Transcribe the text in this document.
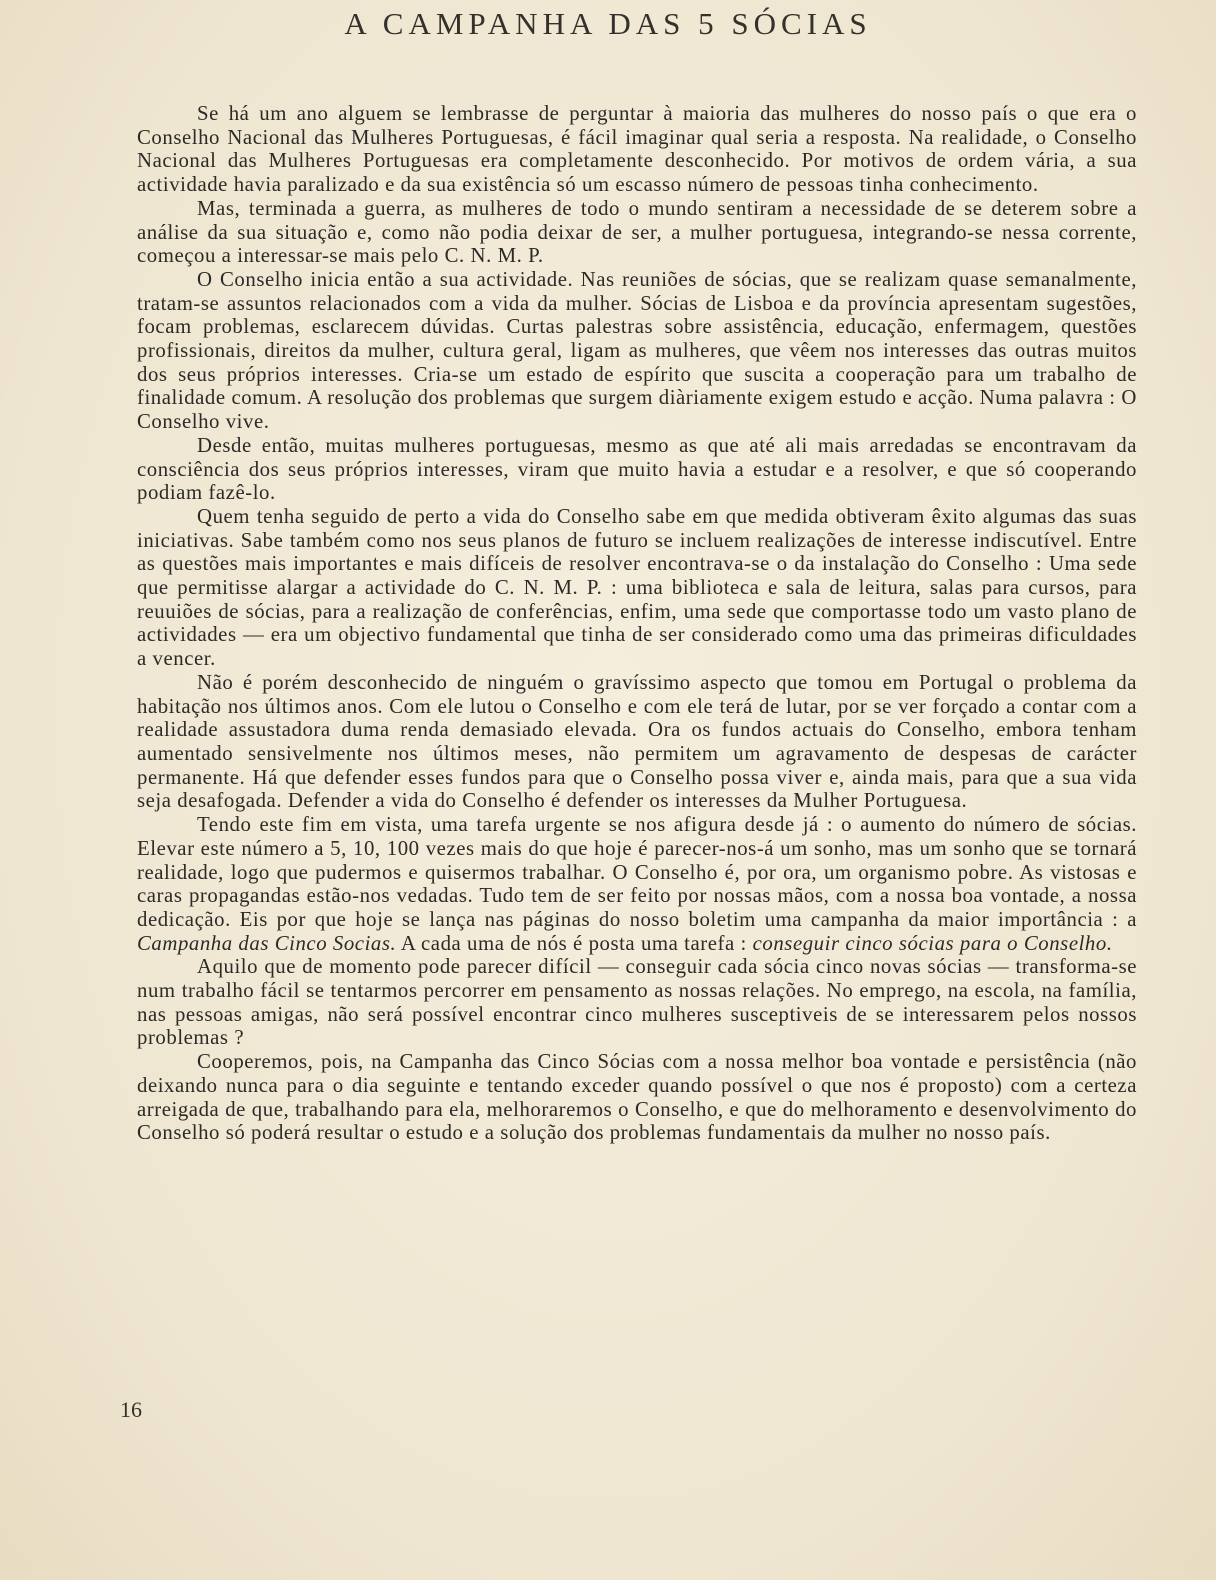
A CAMPANHA DAS 5 SÓCIAS

Se há um ano alguem se lembrasse de perguntar à maioria das mulheres do nosso país o que era o Conselho Nacional das Mulheres Portuguesas, é fácil imaginar qual seria a resposta. Na realidade, o Conselho Nacional das Mulheres Portuguesas era completamente desconhecido. Por motivos de ordem vária, a sua actividade havia paralizado e da sua existência só um escasso número de pessoas tinha conhecimento.

Mas, terminada a guerra, as mulheres de todo o mundo sentiram a necessidade de se deterem sobre a análise da sua situação e, como não podia deixar de ser, a mulher portuguesa, integrando-se nessa corrente, começou a interessar-se mais pelo C. N. M. P.

O Conselho inicia então a sua actividade. Nas reuniões de sócias, que se realizam quase semanalmente, tratam-se assuntos relacionados com a vida da mulher. Sócias de Lisboa e da província apresentam sugestões, focam problemas, esclarecem dúvidas. Curtas palestras sobre assistência, educação, enfermagem, questões profissionais, direitos da mulher, cultura geral, ligam as mulheres, que vêem nos interesses das outras muitos dos seus próprios interesses. Cria-se um estado de espírito que suscita a cooperação para um trabalho de finalidade comum. A resolução dos problemas que surgem diàriamente exigem estudo e acção. Numa palavra : O Conselho vive.

Desde então, muitas mulheres portuguesas, mesmo as que até ali mais arredadas se encontravam da consciência dos seus próprios interesses, viram que muito havia a estudar e a resolver, e que só cooperando podiam fazê-lo.

Quem tenha seguido de perto a vida do Conselho sabe em que medida obtiveram êxito algumas das suas iniciativas. Sabe também como nos seus planos de futuro se incluem realizações de interesse indiscutível. Entre as questões mais importantes e mais difíceis de resolver encontrava-se o da instalação do Conselho : Uma sede que permitisse alargar a actividade do C. N. M. P. : uma biblioteca e sala de leitura, salas para cursos, para reuuiões de sócias, para a realização de conferências, enfim, uma sede que comportasse todo um vasto plano de actividades — era um objectivo fundamental que tinha de ser considerado como uma das primeiras dificuldades a vencer.

Não é porém desconhecido de ninguém o gravíssimo aspecto que tomou em Portugal o problema da habitação nos últimos anos. Com ele lutou o Conselho e com ele terá de lutar, por se ver forçado a contar com a realidade assustadora duma renda demasiado elevada. Ora os fundos actuais do Conselho, embora tenham aumentado sensivelmente nos últimos meses, não permitem um agravamento de despesas de carácter permanente. Há que defender esses fundos para que o Conselho possa viver e, ainda mais, para que a sua vida seja desafogada. Defender a vida do Conselho é defender os interesses da Mulher Portuguesa.

Tendo este fim em vista, uma tarefa urgente se nos afigura desde já : o aumento do número de sócias. Elevar este número a 5, 10, 100 vezes mais do que hoje é parecer-nos-á um sonho, mas um sonho que se tornará realidade, logo que pudermos e quisermos trabalhar. O Conselho é, por ora, um organismo pobre. As vistosas e caras propagandas estão-nos vedadas. Tudo tem de ser feito por nossas mãos, com a nossa boa vontade, a nossa dedicação. Eis por que hoje se lança nas páginas do nosso boletim uma campanha da maior importância : a Campanha das Cinco Socias. A cada uma de nós é posta uma tarefa : conseguir cinco sócias para o Conselho.

Aquilo que de momento pode parecer difícil — conseguir cada sócia cinco novas sócias — transforma-se num trabalho fácil se tentarmos percorrer em pensamento as nossas relações. No emprego, na escola, na família, nas pessoas amigas, não será possível encontrar cinco mulheres susceptiveis de se interessarem pelos nossos problemas ?

Cooperemos, pois, na Campanha das Cinco Sócias com a nossa melhor boa vontade e persistência (não deixando nunca para o dia seguinte e tentando exceder quando possível o que nos é proposto) com a certeza arreigada de que, trabalhando para ela, melhoraremos o Conselho, e que do melhoramento e desenvolvimento do Conselho só poderá resultar o estudo e a solução dos problemas fundamentais da mulher no nosso país.

16
